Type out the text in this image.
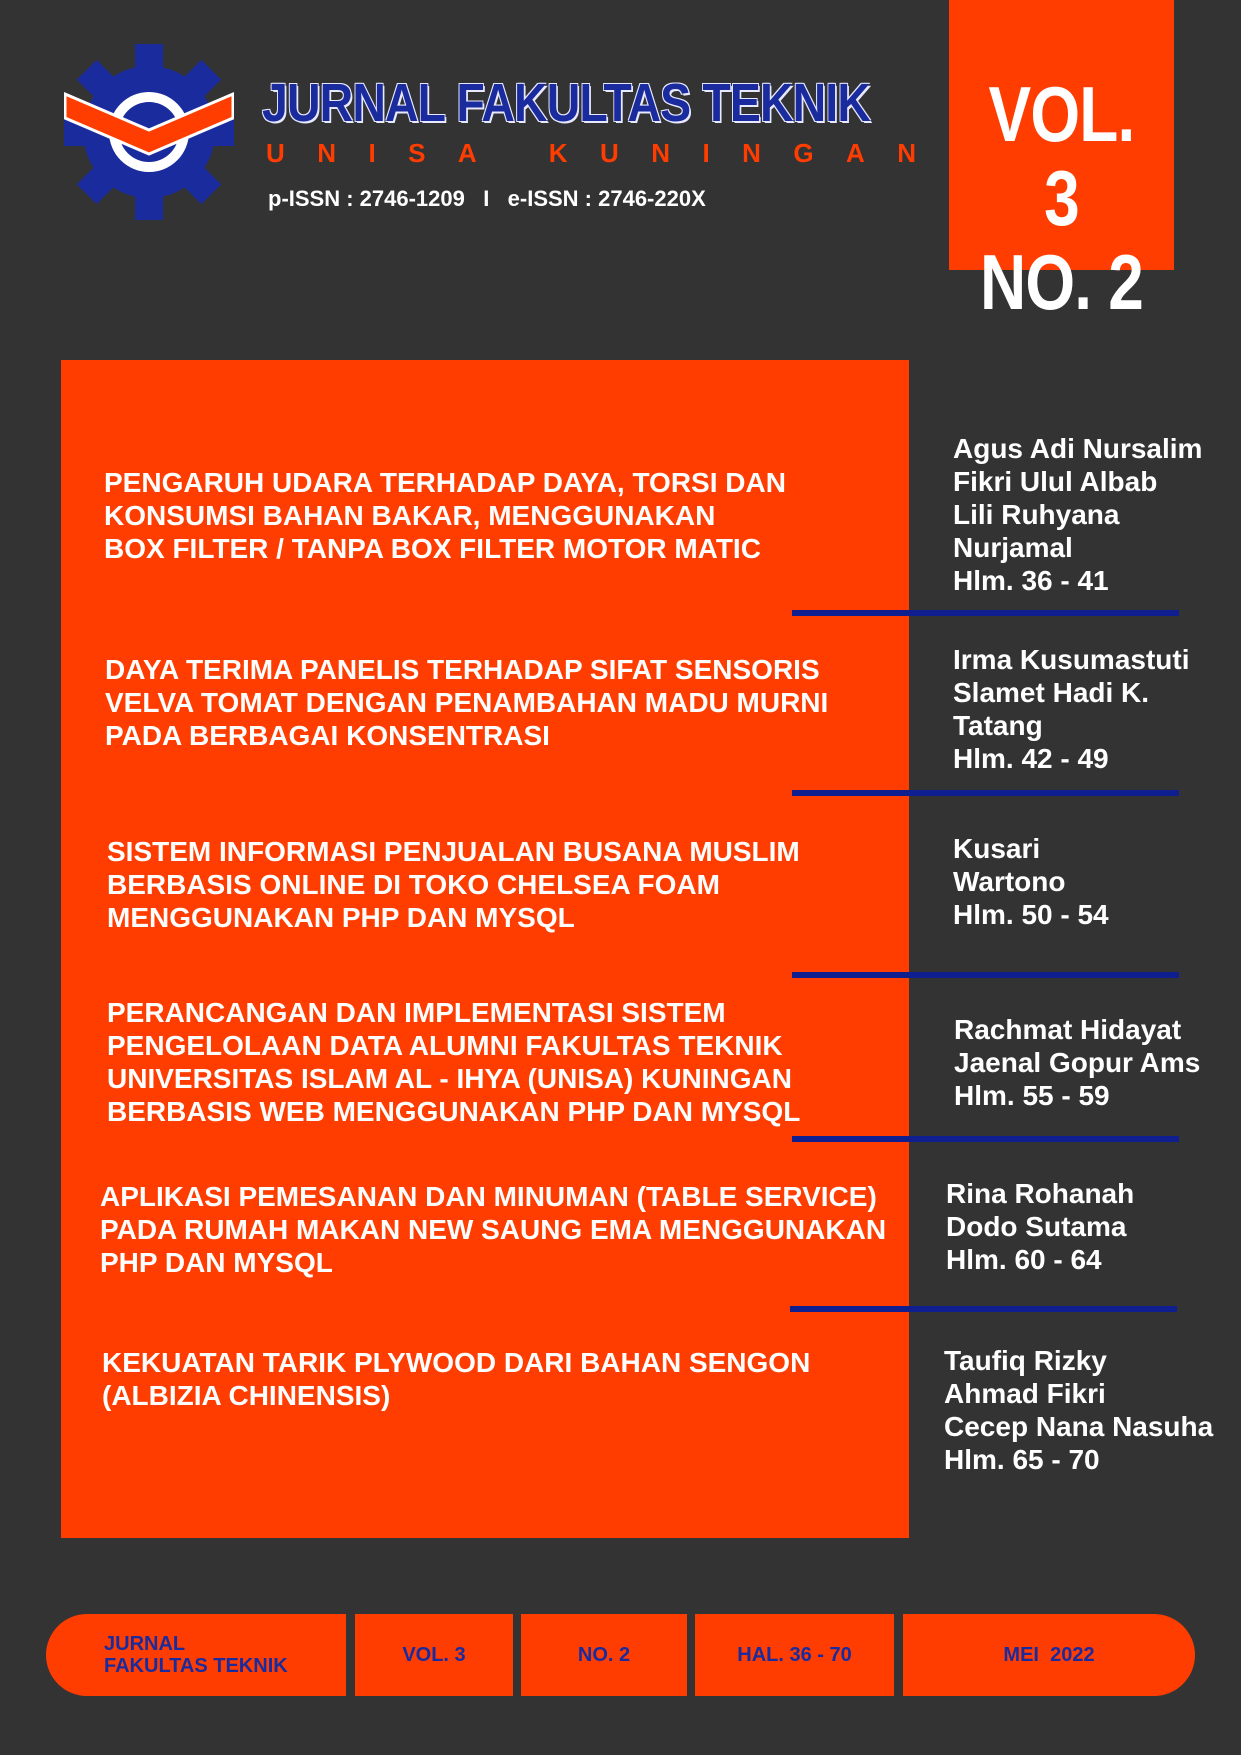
JURNAL FAKULTAS TEKNIK
U N I S A
	K U N I N G A N
p-ISSN : 2746-1209   I   e-ISSN : 2746-220X
VOL. 3
NO. 2
PENGARUH UDARA TERHADAP DAYA, TORSI DAN
KONSUMSI BAHAN BAKAR, MENGGUNAKAN
BOX FILTER / TANPA BOX FILTER MOTOR MATIC
Agus Adi Nursalim
Fikri Ulul Albab
Lili Ruhyana
Nurjamal
Hlm. 36 - 41
DAYA TERIMA PANELIS TERHADAP SIFAT SENSORIS
VELVA TOMAT DENGAN PENAMBAHAN MADU MURNI
PADA BERBAGAI KONSENTRASI
Irma Kusumastuti
Slamet Hadi K.
Tatang
Hlm. 42 - 49
SISTEM INFORMASI PENJUALAN BUSANA MUSLIM
BERBASIS ONLINE DI TOKO CHELSEA FOAM
MENGGUNAKAN PHP DAN MYSQL
Kusari
Wartono
Hlm. 50 - 54
PERANCANGAN DAN IMPLEMENTASI SISTEM
PENGELOLAAN DATA ALUMNI FAKULTAS TEKNIK
UNIVERSITAS ISLAM AL - IHYA (UNISA) KUNINGAN
BERBASIS WEB MENGGUNAKAN PHP DAN MYSQL
Rachmat Hidayat
Jaenal Gopur Ams
Hlm. 55 - 59
APLIKASI PEMESANAN DAN MINUMAN (TABLE SERVICE)
PADA RUMAH MAKAN NEW SAUNG EMA MENGGUNAKAN
PHP DAN MYSQL
Rina Rohanah
Dodo Sutama
Hlm. 60 - 64
KEKUATAN TARIK PLYWOOD DARI BAHAN SENGON
(ALBIZIA CHINENSIS)
Taufiq Rizky
Ahmad Fikri
Cecep Nana Nasuha
Hlm. 65 - 70
JURNAL
FAKULTAS TEKNIK
VOL. 3	NO. 2	HAL. 36 - 70	MEI  2022
